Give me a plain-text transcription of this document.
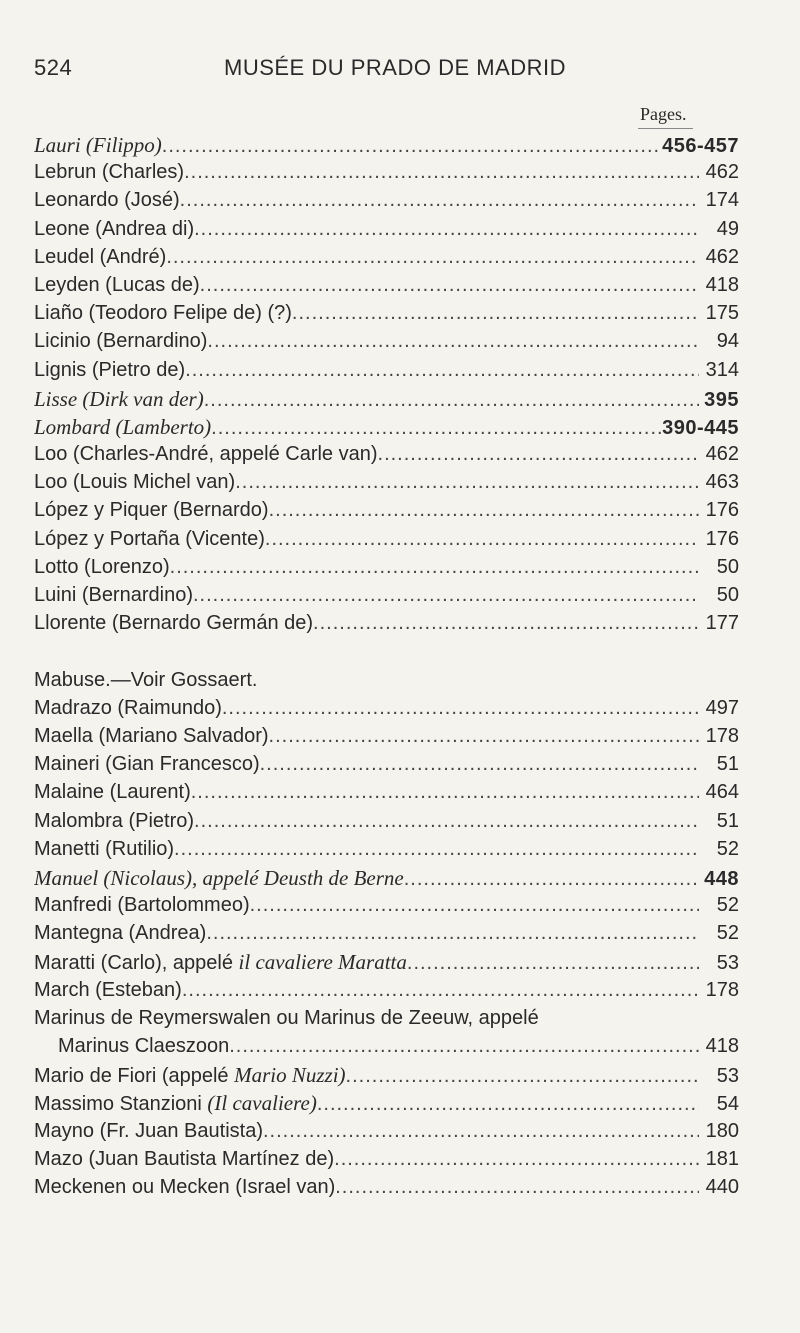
524	MUSÉE DU PRADO DE MADRID
Pages.
Lauri (Filippo) .....	456-457
Lebrun (Charles) .....	462
Leonardo (José) .....	174
Leone (Andrea di) .....	49
Leudel (André) .....	462
Leyden (Lucas de) .....	418
Liaño (Teodoro Felipe de) (?) .....	175
Licinio (Bernardino) .....	94
Lignis (Pietro de) .....	314
Lisse (Dirk van der) .....	395
Lombard (Lamberto) .....	390-445
Loo (Charles-André, appelé Carle van) .....	462
Loo (Louis Michel van) .....	463
López y Piquer (Bernardo) .....	176
López y Portaña (Vicente) .....	176
Lotto (Lorenzo) .....	50
Luini (Bernardino) .....	50
Llorente (Bernardo Germán de) .....	177
Mabuse.—Voir Gossaert.
Madrazo (Raimundo) .....	497
Maella (Mariano Salvador) .....	178
Maineri (Gian Francesco) .....	51
Malaine (Laurent) .....	464
Malombra (Pietro) .....	51
Manetti (Rutilio) .....	52
Manuel (Nicolaus), appelé Deusth de Berne .....	448
Manfredi (Bartolommeo) .....	52
Mantegna (Andrea) .....	52
Maratti (Carlo), appelé il cavaliere Maratta .....	53
March (Esteban) .....	178
Marinus de Reymerswalen ou Marinus de Zeeuw, appelé
Marinus Claeszoon .....	418
Mario de Fiori (appelé Mario Nuzzi) .....	53
Massimo Stanzioni (Il cavaliere) .....	54
Mayno (Fr. Juan Bautista) .....	180
Mazo (Juan Bautista Martínez de) .....	181
Meckenen ou Mecken (Israel van) .....	440
